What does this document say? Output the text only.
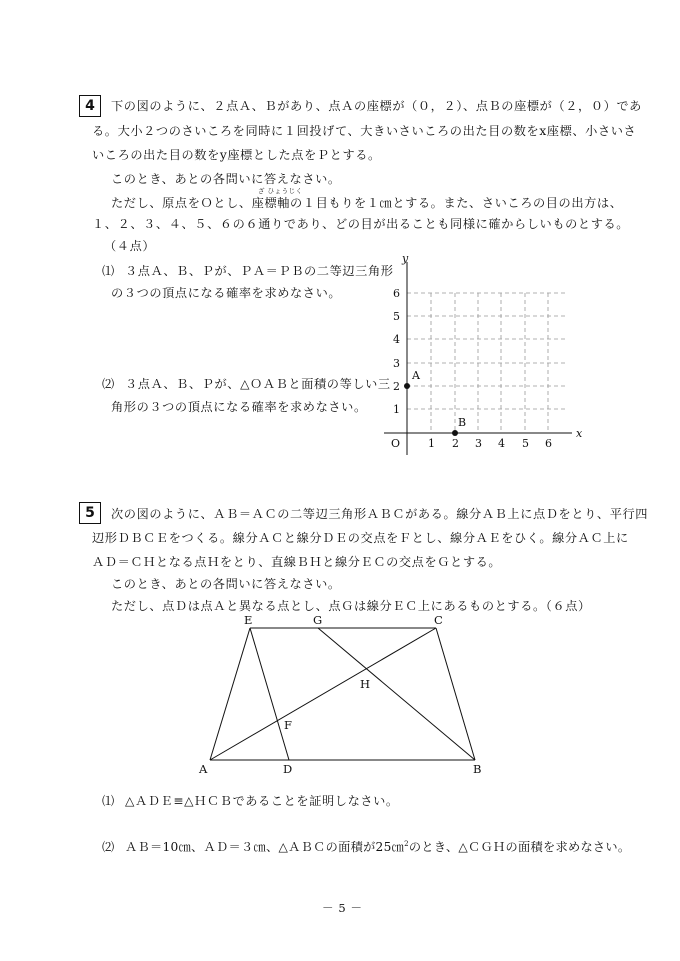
4	下の図のように、２点Ａ、Ｂがあり、点Ａの座標が（０，２）、点Ｂの座標が（２，０）であ
る。大小２つのさいころを同時に１回投げて、大きいさいころの出た目の数をx座標、小さいさ
いころの出た目の数をy座標とした点をＰとする。
このとき、あとの各問いに答えなさい。
ざ ひょうじく
ただし、原点をＯとし、座標軸の１目もりを１㎝とする。また、さいころの目の出方は、
１、２、３、４、５、６の６通りであり、どの目が出ることも同様に確からしいものとする。
（４点）
⑴ ３点Ａ、Ｂ、Ｐが、ＰＡ＝ＰＢの二等辺三角形
の３つの頂点になる確率を求めなさい。
⑵ ３点Ａ、Ｂ、Ｐが、△ＯＡＢと面積の等しい三
角形の３つの頂点になる確率を求めなさい。
y
x
O	1 2 3 4 5 6
1
2
3
4
5
6
A
B
5	次の図のように、ＡＢ＝ＡＣの二等辺三角形ＡＢＣがある。線分ＡＢ上に点Ｄをとり、平行四
辺形ＤＢＣＥをつくる。線分ＡＣと線分ＤＥの交点をＦとし、線分ＡＥをひく。線分ＡＣ上に
ＡＤ＝ＣＨとなる点Ｈをとり、直線ＢＨと線分ＥＣの交点をＧとする。
このとき、あとの各問いに答えなさい。
ただし、点Ｄは点Ａと異なる点とし、点Ｇは線分ＥＣ上にあるものとする。（６点）
E	G	C
H
F
A	D	B
⑴ △ＡＤＥ≡△ＨＣＢであることを証明しなさい。
⑵ ＡＢ＝10㎝、ＡＤ＝３㎝、△ＡＢＣの面積が25㎝$^2$のとき、△ＣＧＨの面積を求めなさい。
－ 5 －
